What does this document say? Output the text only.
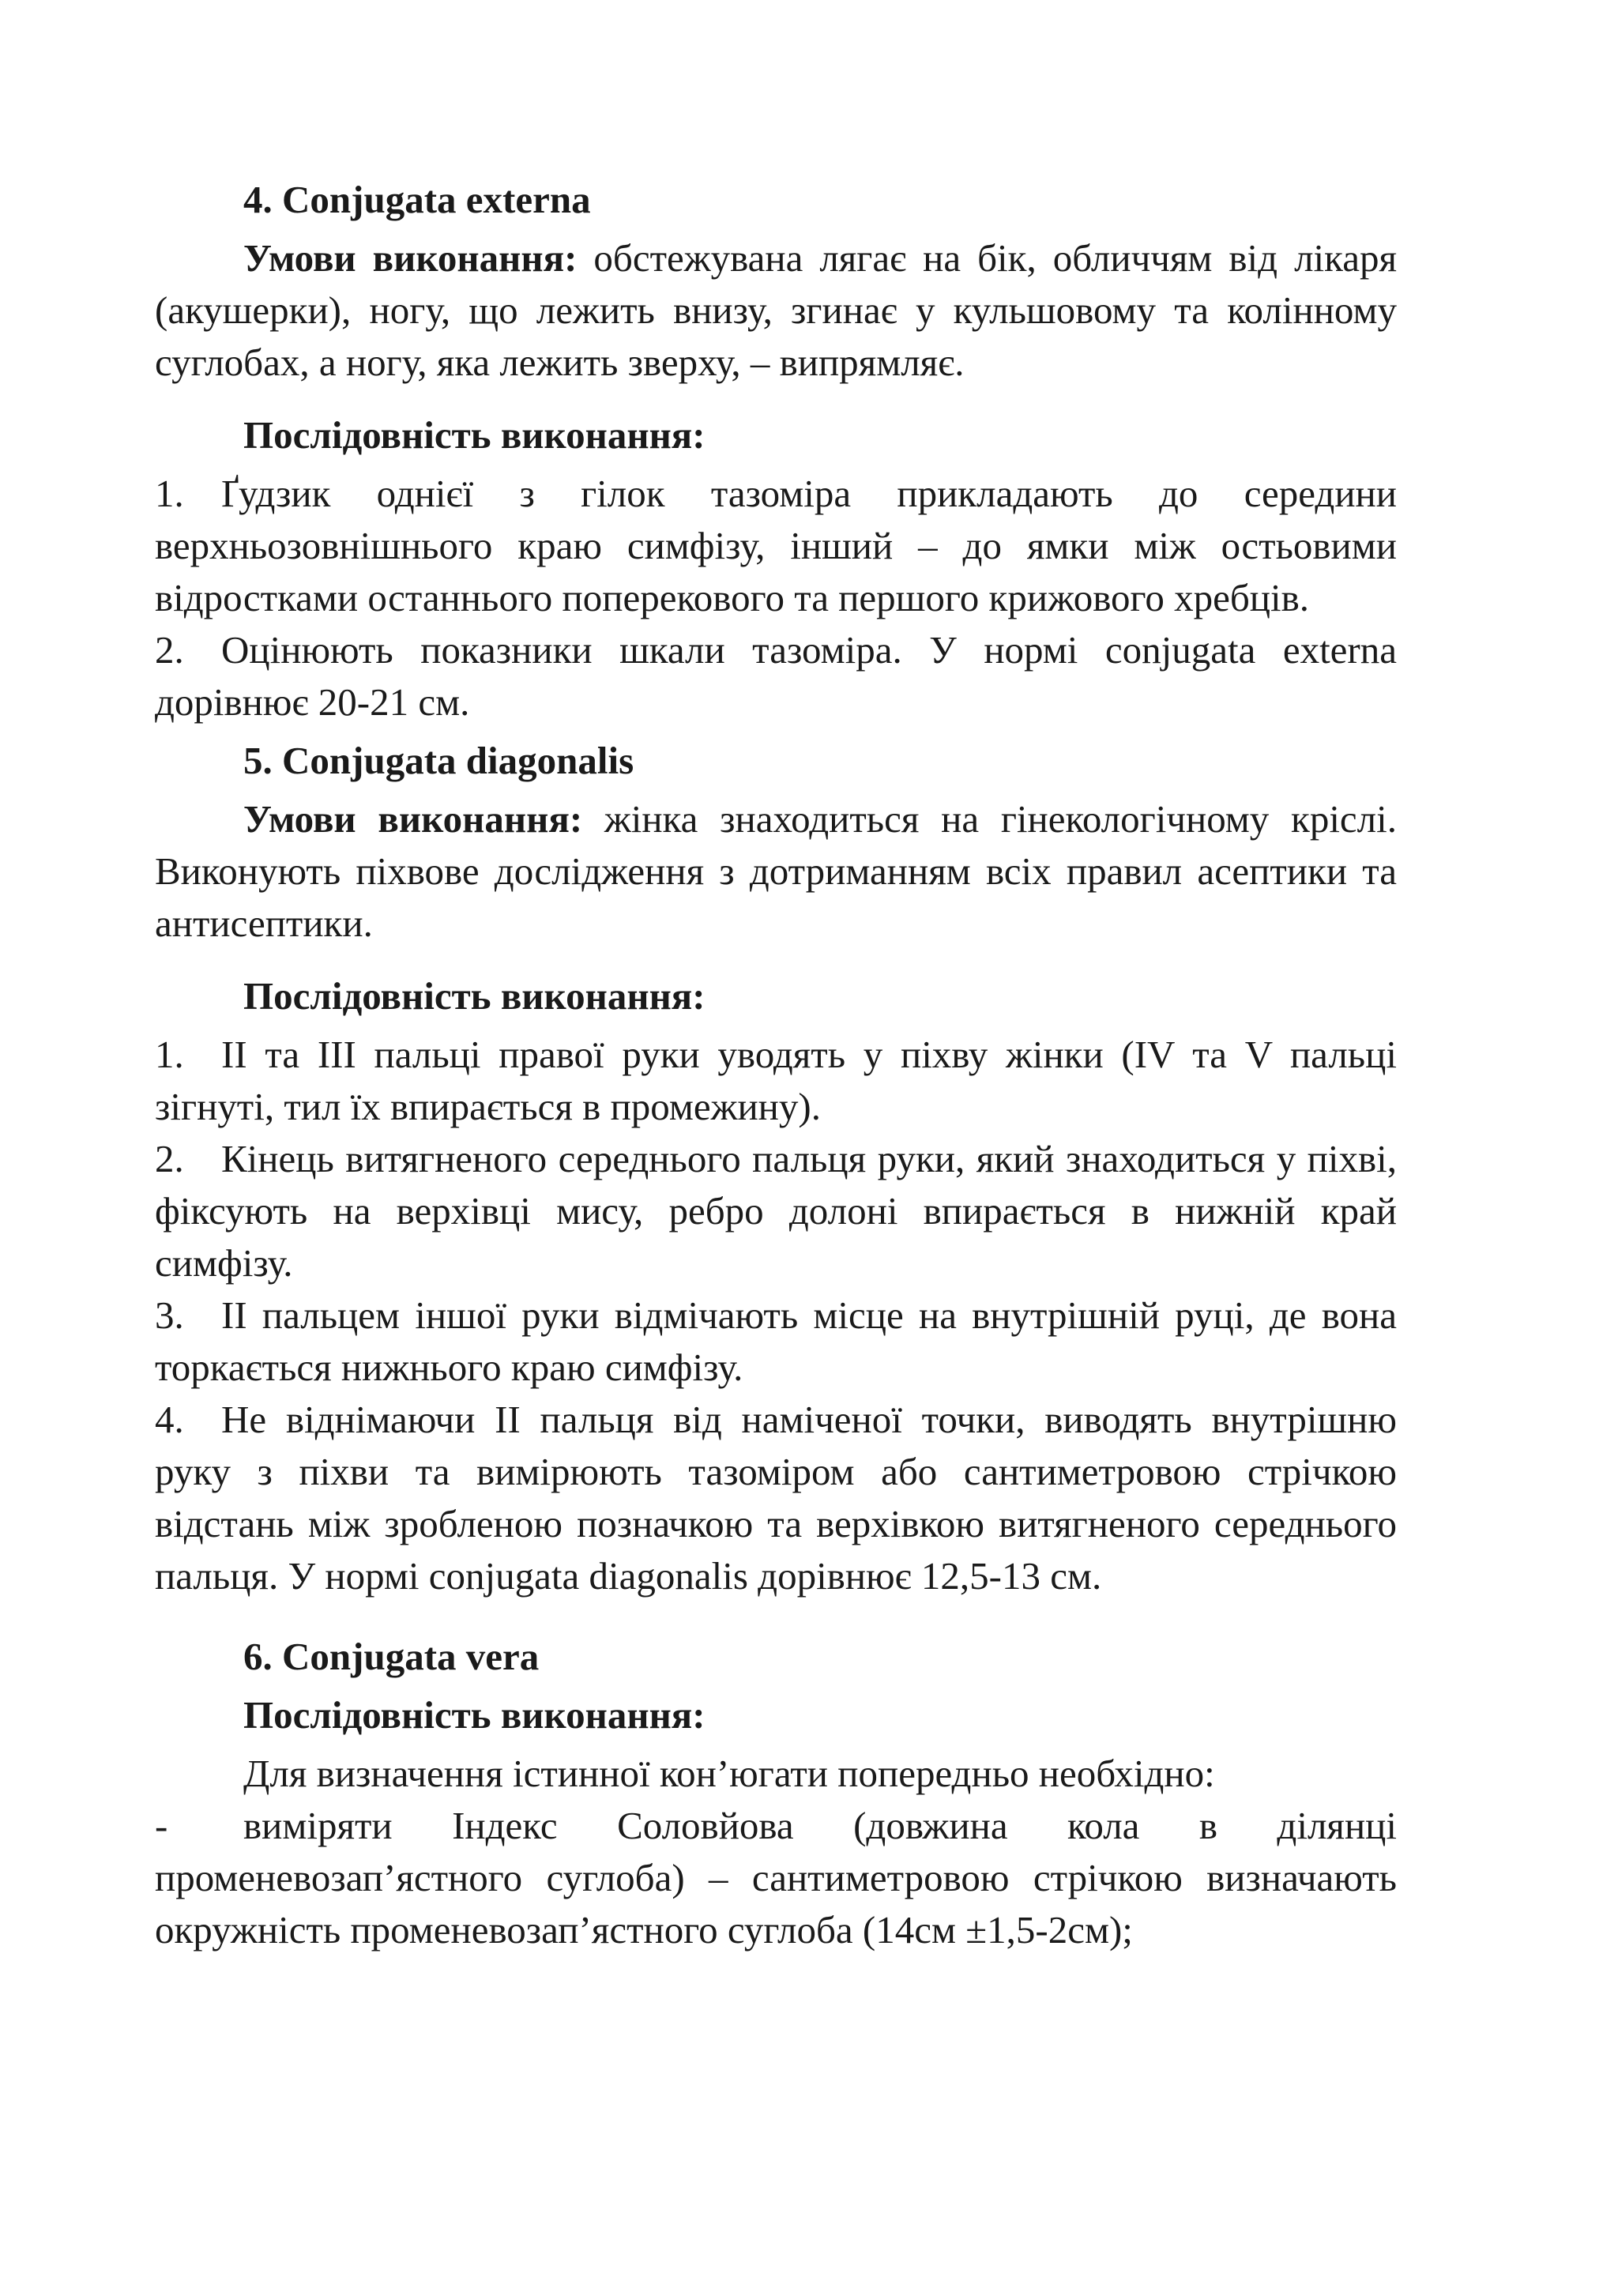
4. Conjugata externa

Умови виконання: обстежувана лягає на бік, обличчям від лікаря (акушерки), ногу, що лежить внизу, згинає у кульшовому та колінному суглобах, а ногу, яка лежить зверху, – випрямляє.

Послідовність виконання:

1. Ґудзик однієї з гілок тазоміра прикладають до середини верхньозовнішнього краю симфізу, інший – до ямки між остьовими відростками останнього поперекового та першого крижового хребців.

2. Оцінюють показники шкали тазоміра. У нормі conjugata externa дорівнює 20-21 см.

5. Conjugata diagonalis

Умови виконання: жінка знаходиться на гінекологічному кріслі. Виконують піхвове дослідження з дотриманням всіх правил асептики та антисептики.

Послідовність виконання:

1. II та III пальці правої руки уводять у піхву жінки (IV та V пальці зігнуті, тил їх впирається в промежину).

2. Кінець витягненого середнього пальця руки, який знаходиться у піхві, фіксують на верхівці мису, ребро долоні впирається в нижній край симфізу.

3. II пальцем іншої руки відмічають місце на внутрішній руці, де вона торкається нижнього краю симфізу.

4. Не віднімаючи II пальця від наміченої точки, виводять внутрішню руку з піхви та вимірюють тазоміром або сантиметровою стрічкою відстань між зробленою позначкою та верхівкою витягненого середнього пальця. У нормі conjugata diagonalis дорівнює 12,5-13 см.

6. Conjugata vera

Послідовність виконання:

Для визначення істинної кон’югати попередньо необхідно:

- виміряти Індекс Соловйова (довжина кола в ділянці променевозап’ястного суглоба) – сантиметровою стрічкою визначають окружність променевозап’ястного суглоба (14см ±1,5-2см);
